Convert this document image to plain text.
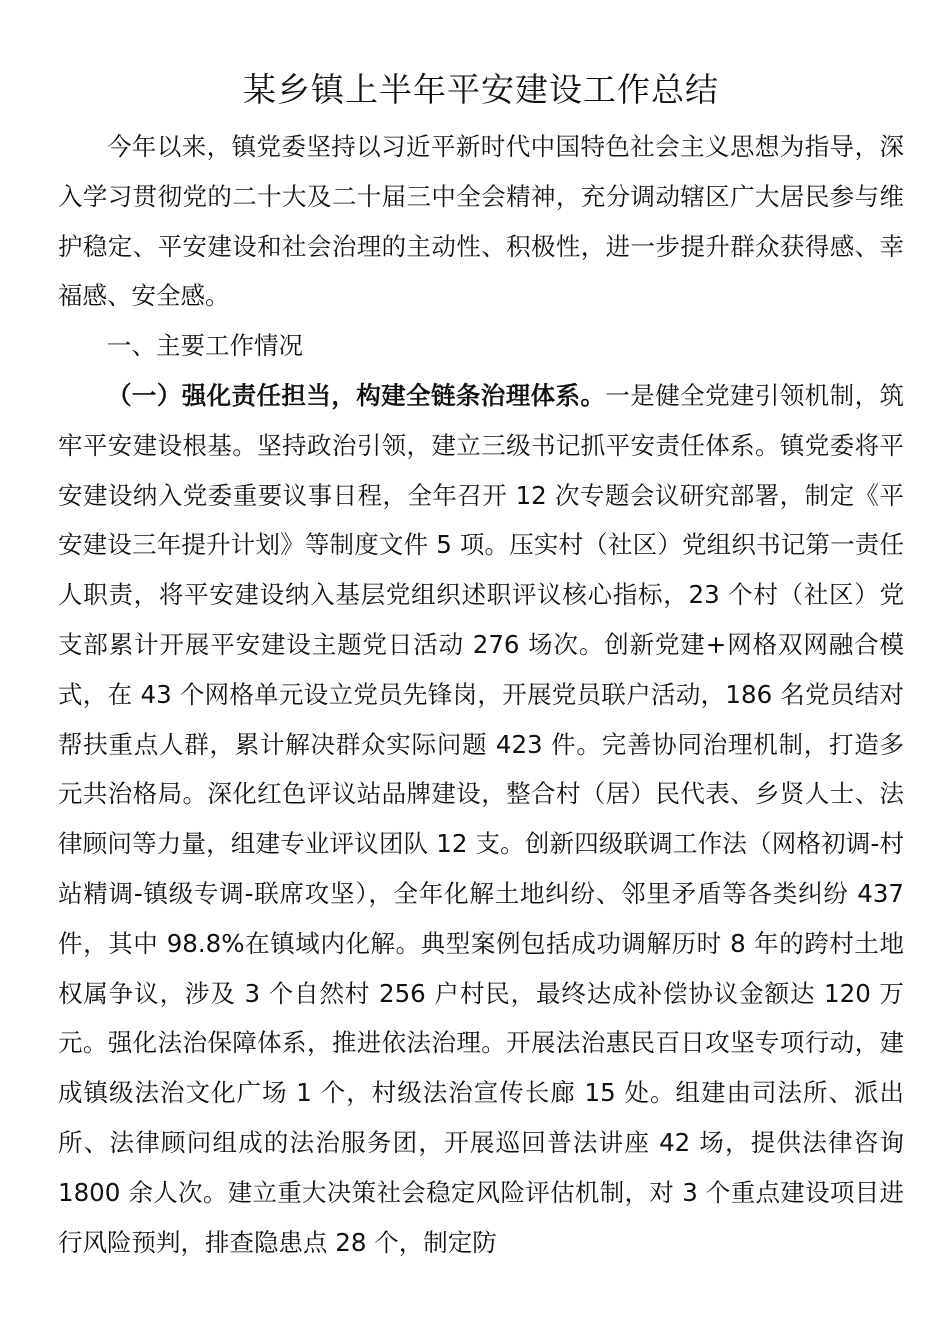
某乡镇上半年平安建设工作总结

今年以来，镇党委坚持以习近平新时代中国特色社会主义思想为指导，深入学习贯彻党的二十大及二十届三中全会精神，充分调动辖区广大居民参与维护稳定、平安建设和社会治理的主动性、积极性，进一步提升群众获得感、幸福感、安全感。

一、主要工作情况

（一）强化责任担当，构建全链条治理体系。一是健全党建引领机制，筑牢平安建设根基。坚持政治引领，建立三级书记抓平安责任体系。镇党委将平安建设纳入党委重要议事日程，全年召开 12 次专题会议研究部署，制定《平安建设三年提升计划》等制度文件 5 项。压实村（社区）党组织书记第一责任人职责，将平安建设纳入基层党组织述职评议核心指标，23 个村（社区）党支部累计开展平安建设主题党日活动 276 场次。创新党建+网格双网融合模式，在 43 个网格单元设立党员先锋岗，开展党员联户活动，186 名党员结对帮扶重点人群，累计解决群众实际问题 423 件。完善协同治理机制，打造多元共治格局。深化红色评议站品牌建设，整合村（居）民代表、乡贤人士、法律顾问等力量，组建专业评议团队 12 支。创新四级联调工作法（网格初调-村站精调-镇级专调-联席攻坚），全年化解土地纠纷、邻里矛盾等各类纠纷 437 件，其中 98.8%在镇域内化解。典型案例包括成功调解历时 8 年的跨村土地权属争议，涉及 3 个自然村 256 户村民，最终达成补偿协议金额达 120 万元。强化法治保障体系，推进依法治理。开展法治惠民百日攻坚专项行动，建成镇级法治文化广场 1 个，村级法治宣传长廊 15 处。组建由司法所、派出所、法律顾问组成的法治服务团，开展巡回普法讲座 42 场，提供法律咨询 1800 余人次。建立重大决策社会稳定风险评估机制，对 3 个重点建设项目进行风险预判，排查隐患点 28 个，制定防
